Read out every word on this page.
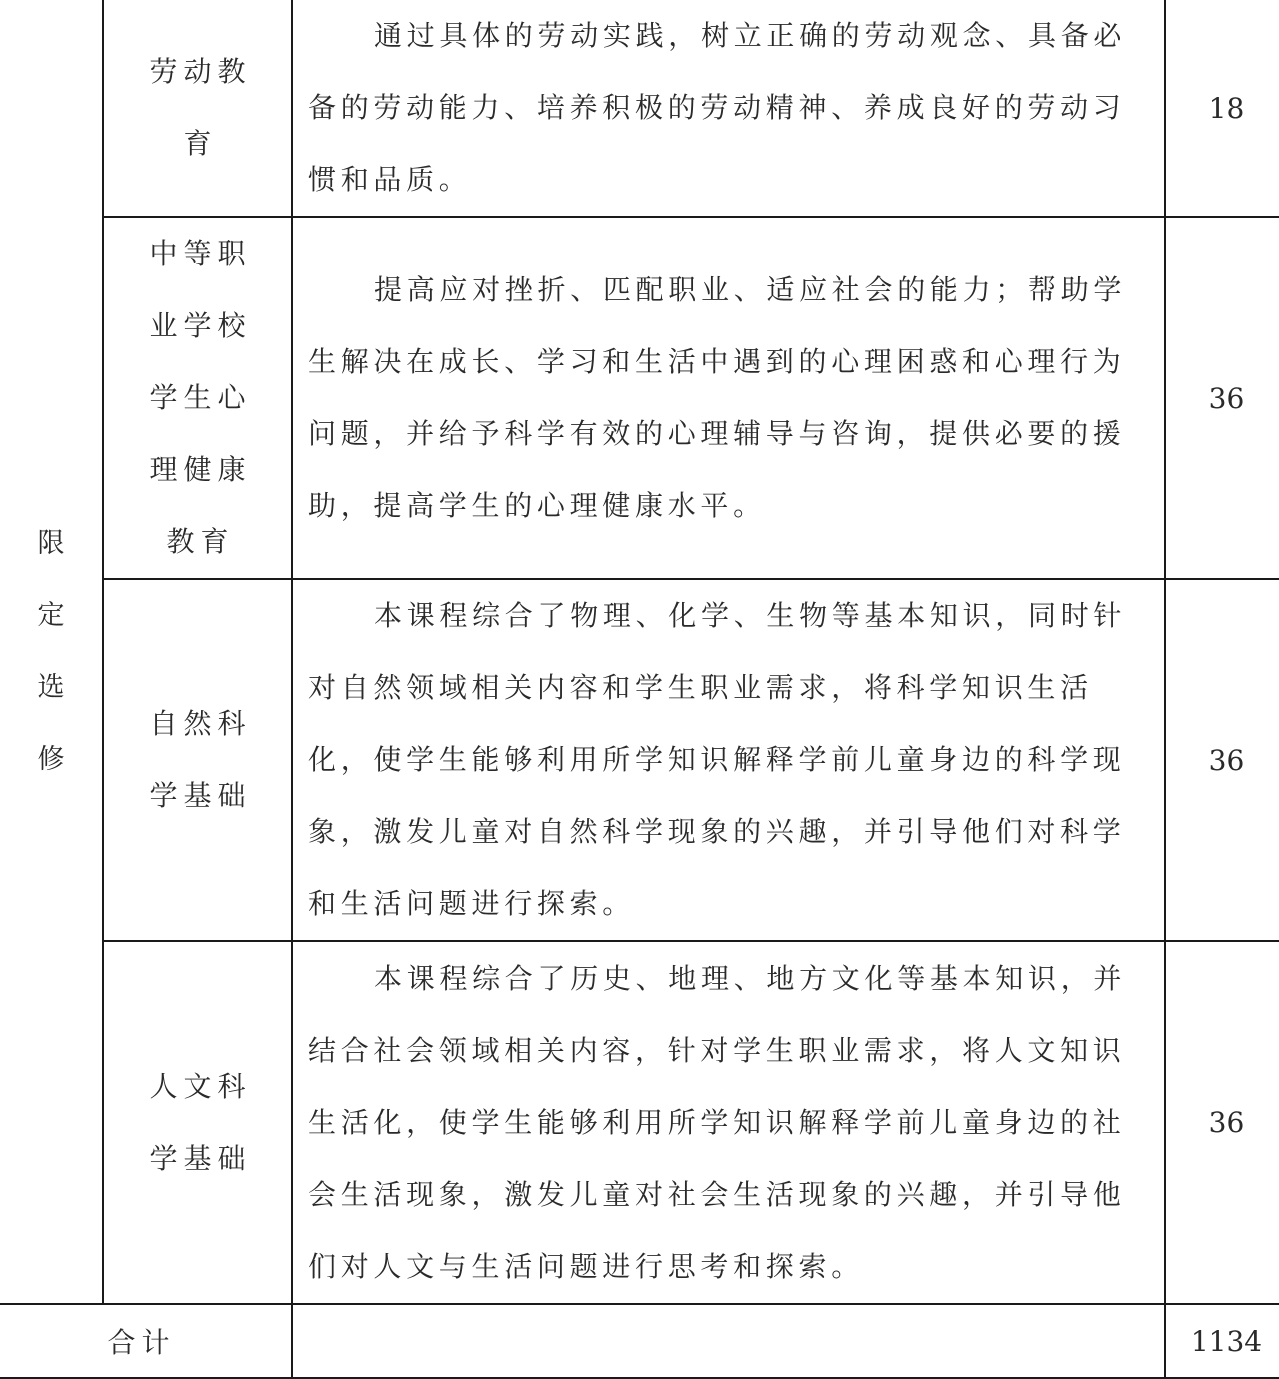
限定选修	劳动教育	通过具体的劳动实践，树立正确的劳动观念、具备必备的劳动能力、培养积极的劳动精神、养成良好的劳动习惯和品质。	18
	中等职业学校学生心理健康教育	提高应对挫折、匹配职业、适应社会的能力；帮助学生解决在成长、学习和生活中遇到的心理困惑和心理行为问题，并给予科学有效的心理辅导与咨询，提供必要的援助，提高学生的心理健康水平。	36
	自然科学基础	本课程综合了物理、化学、生物等基本知识，同时针对自然领域相关内容和学生职业需求，将科学知识生活化，使学生能够利用所学知识解释学前儿童身边的科学现象，激发儿童对自然科学现象的兴趣，并引导他们对科学和生活问题进行探索。	36
	人文科学基础	本课程综合了历史、地理、地方文化等基本知识，并结合社会领域相关内容，针对学生职业需求，将人文知识生活化，使学生能够利用所学知识解释学前儿童身边的社会生活现象，激发儿童对社会生活现象的兴趣，并引导他们对人文与生活问题进行思考和探索。	36
合计			1134
